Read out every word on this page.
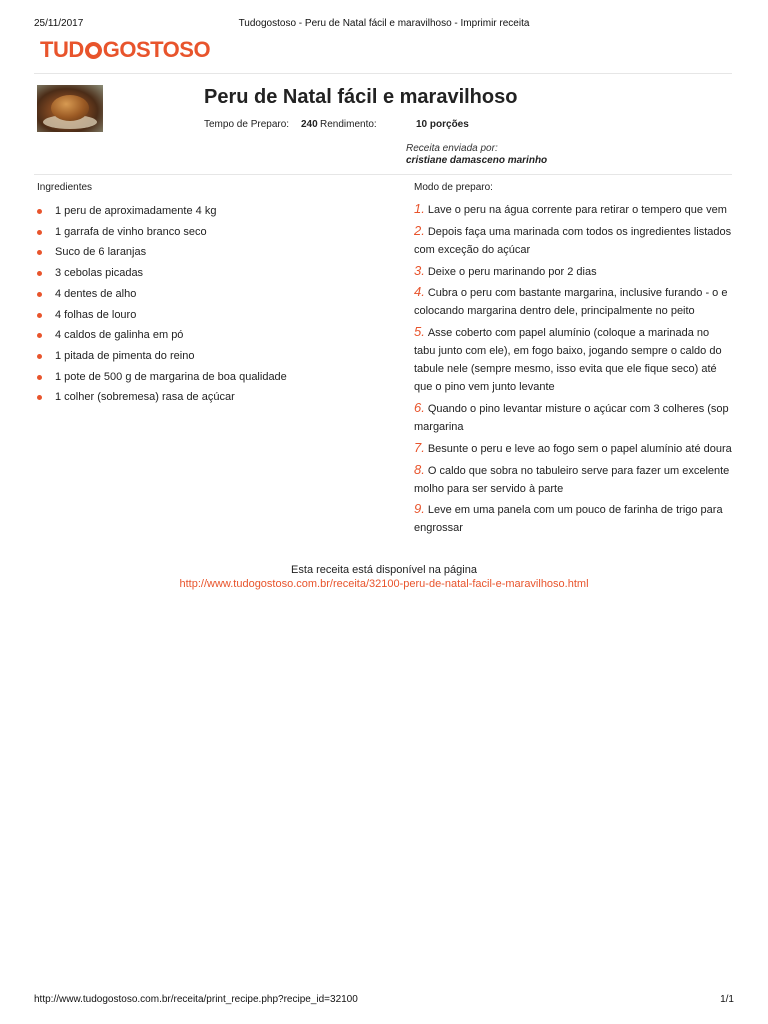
25/11/2017	Tudogostoso - Peru de Natal fácil e maravilhoso - Imprimir receita
TUD GOSTOSO
Peru de Natal fácil e maravilhoso
Tempo de Preparo: 240 Rendimento:	10 porções
Receita enviada por:
cristiane damasceno marinho
Ingredientes	Modo de preparo:
1 peru de aproximadamente 4 kg
1 garrafa de vinho branco seco
Suco de 6 laranjas
3 cebolas picadas
4 dentes de alho
4 folhas de louro
4 caldos de galinha em pó
1 pitada de pimenta do reino
1 pote de 500 g de margarina de boa qualidade
1 colher (sobremesa) rasa de açúcar
1. Lave o peru na água corrente para retirar o tempero que vem
2. Depois faça uma marinada com todos os ingredientes listados com exceção do açúcar
3. Deixe o peru marinando por 2 dias
4. Cubra o peru com bastante margarina, inclusive furando - o e colocando margarina dentro dele, principalmente no peito
5. Asse coberto com papel alumínio (coloque a marinada no tabu junto com ele), em fogo baixo, jogando sempre o caldo do tabule nele (sempre mesmo, isso evita que ele fique seco) até que o pino vem junto levante
6. Quando o pino levantar misture o açúcar com 3 colheres (sop margarina
7. Besunte o peru e leve ao fogo sem o papel alumínio até doura
8. O caldo que sobra no tabuleiro serve para fazer um excelente molho para ser servido à parte
9. Leve em uma panela com um pouco de farinha de trigo para engrossar
Esta receita está disponível na página
http://www.tudogostoso.com.br/receita/32100-peru-de-natal-facil-e-maravilhoso.html
http://www.tudogostoso.com.br/receita/print_recipe.php?recipe_id=32100	1/1
